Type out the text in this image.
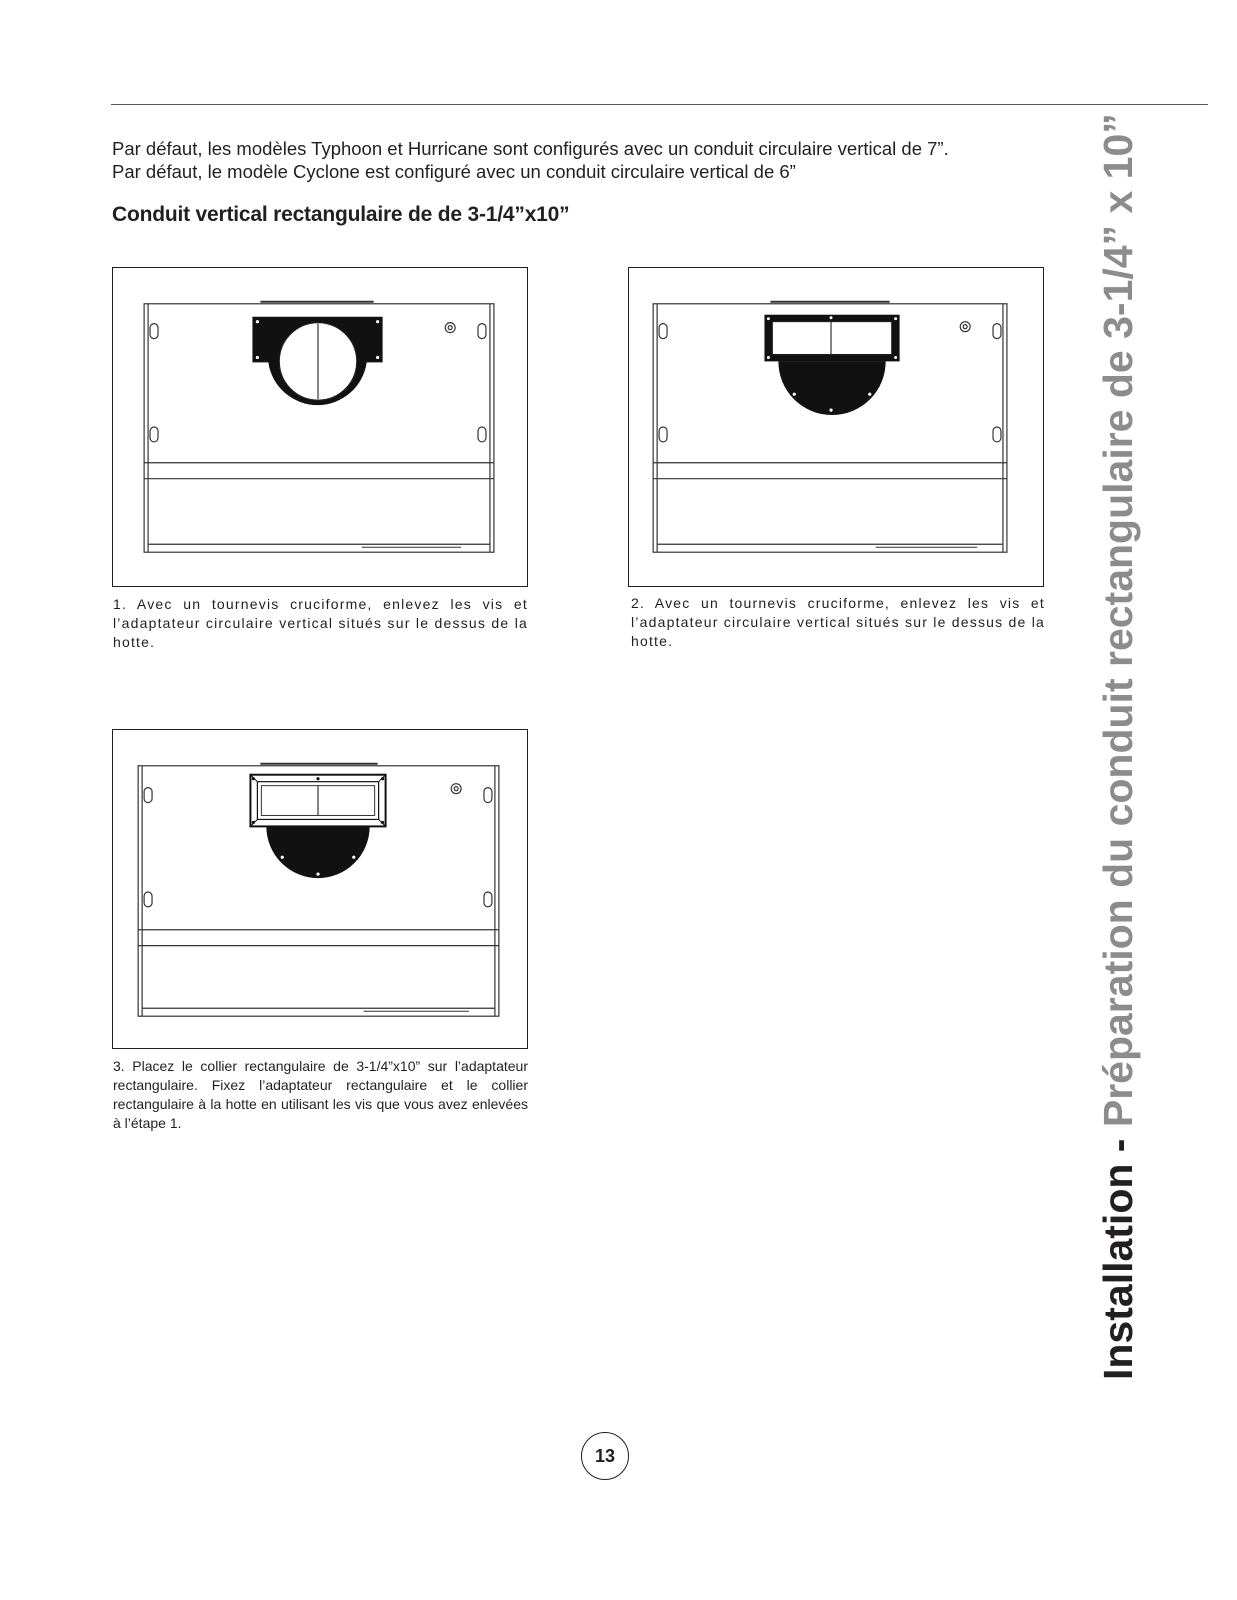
Par défaut, les modèles Typhoon et Hurricane sont configurés avec un conduit circulaire vertical de 7”.

Par défaut, le modèle Cyclone est configuré avec un conduit circulaire vertical de 6”

Conduit vertical rectangulaire de de 3-1/4”x10”
1. Avec un tournevis cruciforme, enlevez les vis et l’adaptateur circulaire vertical situés sur le dessus de la hotte.
2. Avec un tournevis cruciforme, enlevez les vis et l’adaptateur circulaire vertical situés sur le dessus de la hotte.
3. Placez le collier rectangulaire de 3-1/4”x10” sur l’adaptateur rectangulaire. Fixez l’adaptateur rectangulaire et le collier rectangulaire à la hotte en utilisant les vis que vous avez enlevées à l’étape 1.
Installation - Préparation du conduit rectangulaire de 3-1/4” x 10”
13
